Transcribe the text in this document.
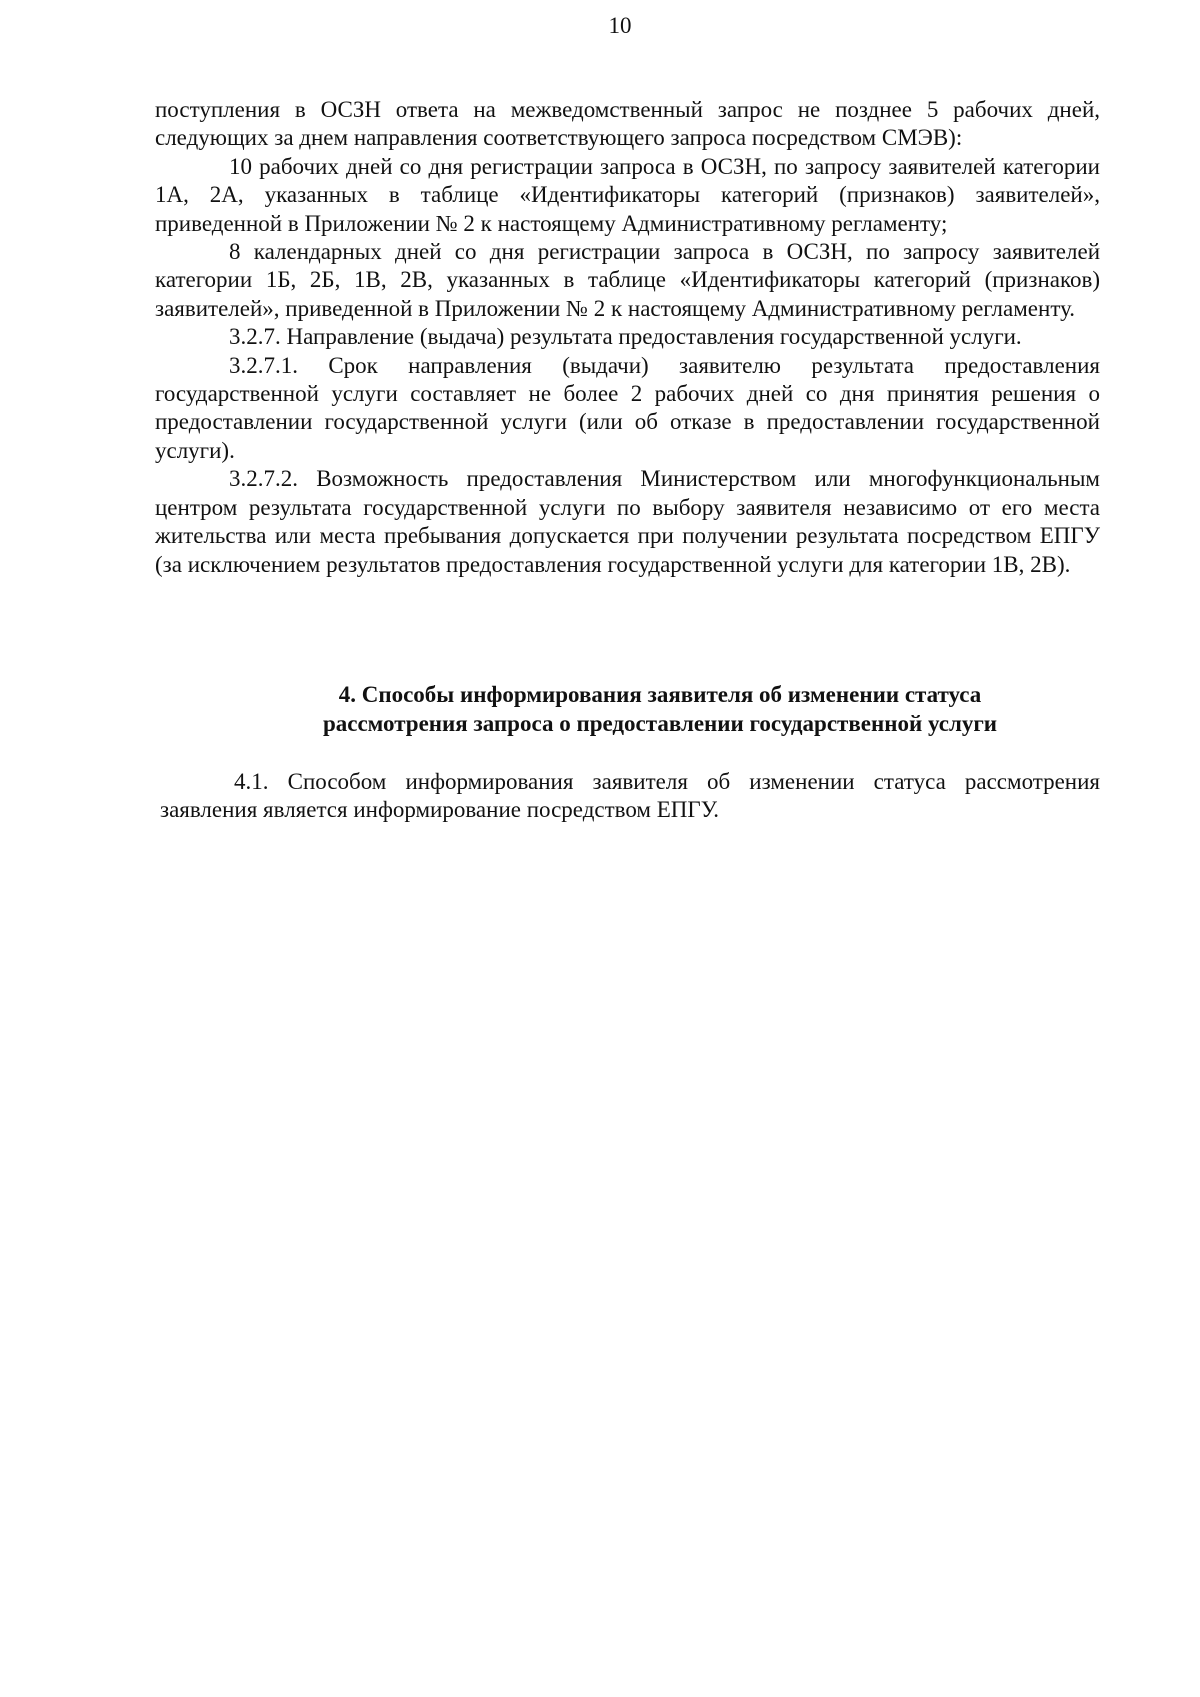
10

поступления в ОСЗН ответа на межведомственный запрос не позднее 5 рабочих дней, следующих за днем направления соответствующего запроса посредством СМЭВ):

10 рабочих дней со дня регистрации запроса в ОСЗН, по запросу заявителей категории 1А, 2А, указанных в таблице «Идентификаторы категорий (признаков) заявителей», приведенной в Приложении № 2 к настоящему Административному регламенту;

8 календарных дней со дня регистрации запроса в ОСЗН, по запросу заявителей категории 1Б, 2Б, 1В, 2В, указанных в таблице «Идентификаторы категорий (признаков) заявителей», приведенной в Приложении № 2 к настоящему Административному регламенту.

3.2.7. Направление (выдача) результата предоставления государственной услуги.

3.2.7.1. Срок направления (выдачи) заявителю результата предоставления государственной услуги составляет не более 2 рабочих дней со дня принятия решения о предоставлении государственной услуги (или об отказе в предоставлении государственной услуги).

3.2.7.2. Возможность предоставления Министерством или многофункциональным центром результата государственной услуги по выбору заявителя независимо от его места жительства или места пребывания допускается при получении результата посредством ЕПГУ (за исключением результатов предоставления государственной услуги для категории 1В, 2В).

4. Способы информирования заявителя об изменении статуса
рассмотрения запроса о предоставлении государственной услуги

4.1. Способом информирования заявителя об изменении статуса рассмотрения заявления является информирование посредством ЕПГУ.
